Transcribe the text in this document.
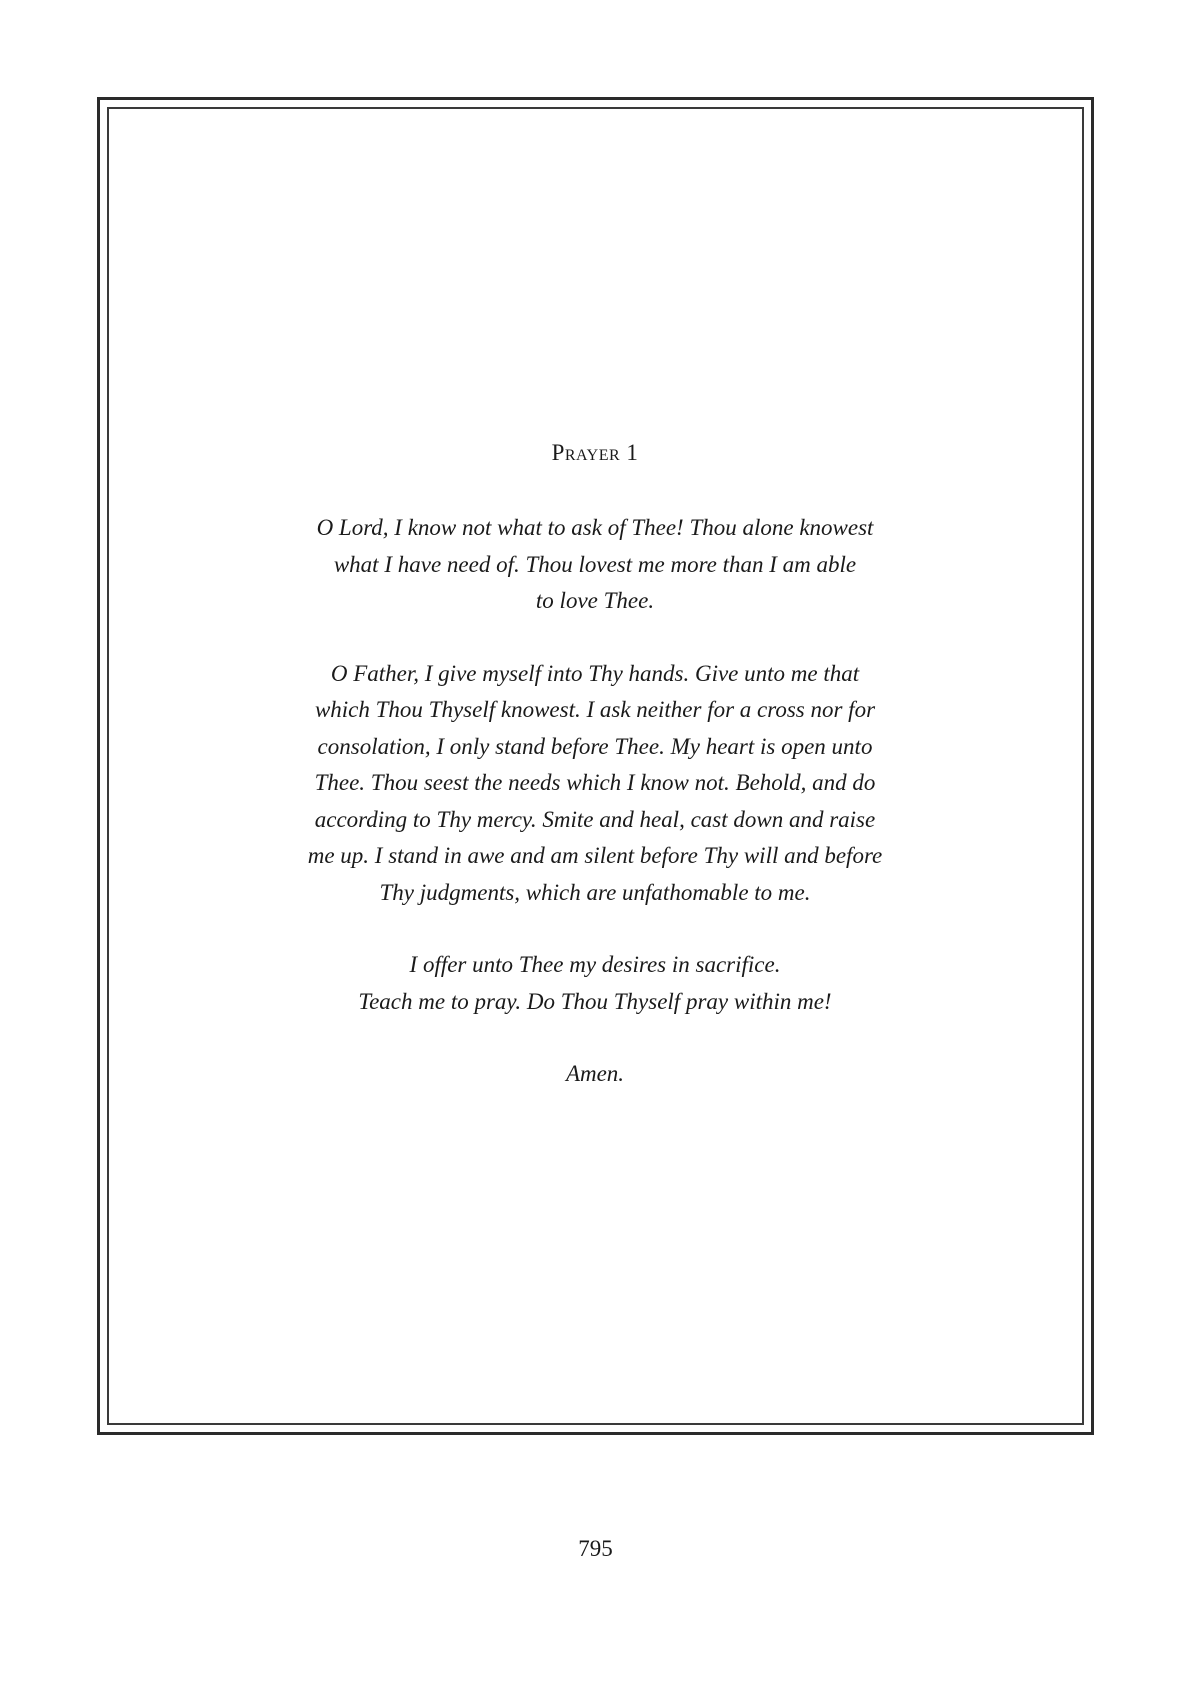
Prayer 1
O Lord, I know not what to ask of Thee! Thou alone knowest
what I have need of. Thou lovest me more than I am able
to love Thee.
O Father, I give myself into Thy hands. Give unto me that
which Thou Thyself knowest. I ask neither for a cross nor for
consolation, I only stand before Thee. My heart is open unto
Thee. Thou seest the needs which I know not. Behold, and do
according to Thy mercy. Smite and heal, cast down and raise
me up. I stand in awe and am silent before Thy will and before
Thy judgments, which are unfathomable to me.
I offer unto Thee my desires in sacrifice.
Teach me to pray. Do Thou Thyself pray within me!
Amen.
795
